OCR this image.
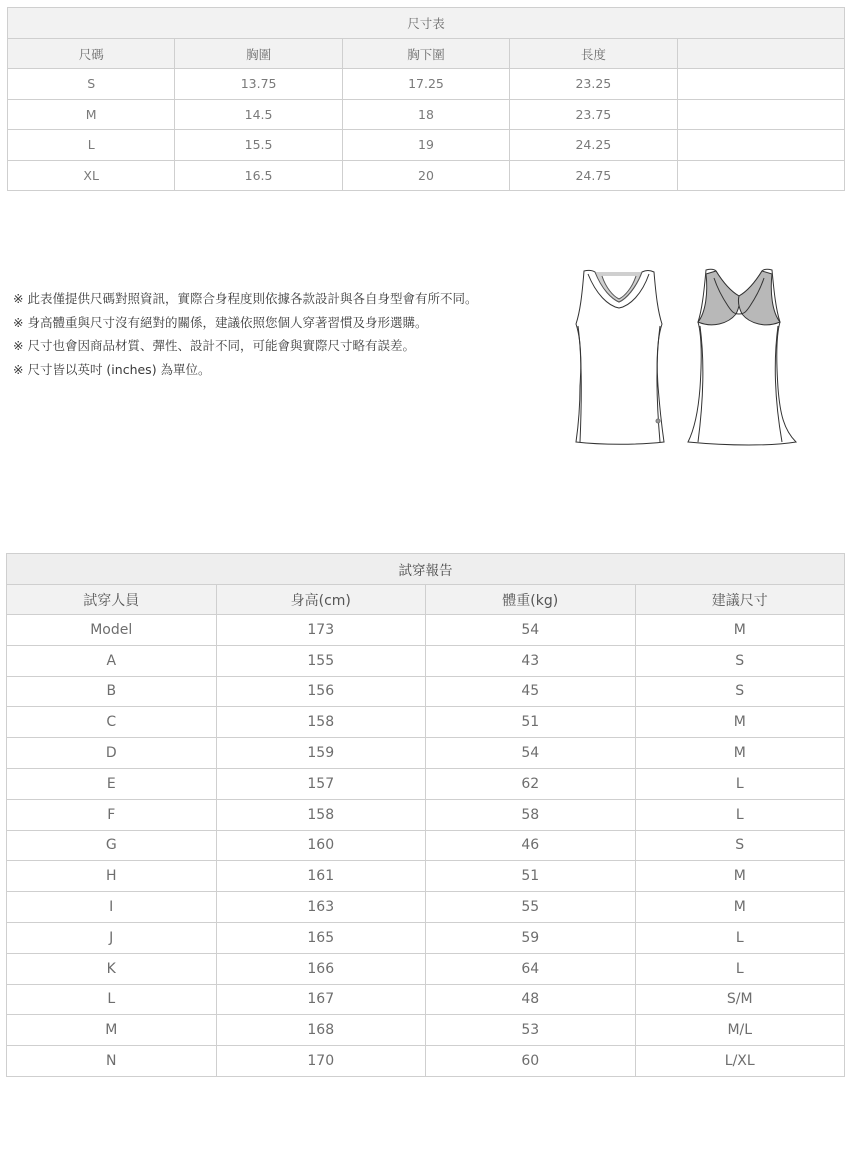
尺寸表				
尺碼	胸圍	胸下圍	長度	
S	13.75	17.25	23.25	
M	14.5	18	23.75	
L	15.5	19	24.25	
XL	16.5	20	24.75	

※ 此表僅提供尺碼對照資訊，實際合身程度則依據各款設計與各自身型會有所不同。

※ 身高體重與尺寸沒有絕對的關係，建議依照您個人穿著習慣及身形選購。

※ 尺寸也會因商品材質、彈性、設計不同，可能會與實際尺寸略有誤差。

※ 尺寸皆以英吋 (inches) 為單位。

試穿報告			
試穿人員	身高(cm)	體重(kg)	建議尺寸
Model	173	54	M
A	155	43	S
B	156	45	S
C	158	51	M
D	159	54	M
E	157	62	L
F	158	58	L
G	160	46	S
H	161	51	M
I	163	55	M
J	165	59	L
K	166	64	L
L	167	48	S/M
M	168	53	M/L
N	170	60	L/XL
